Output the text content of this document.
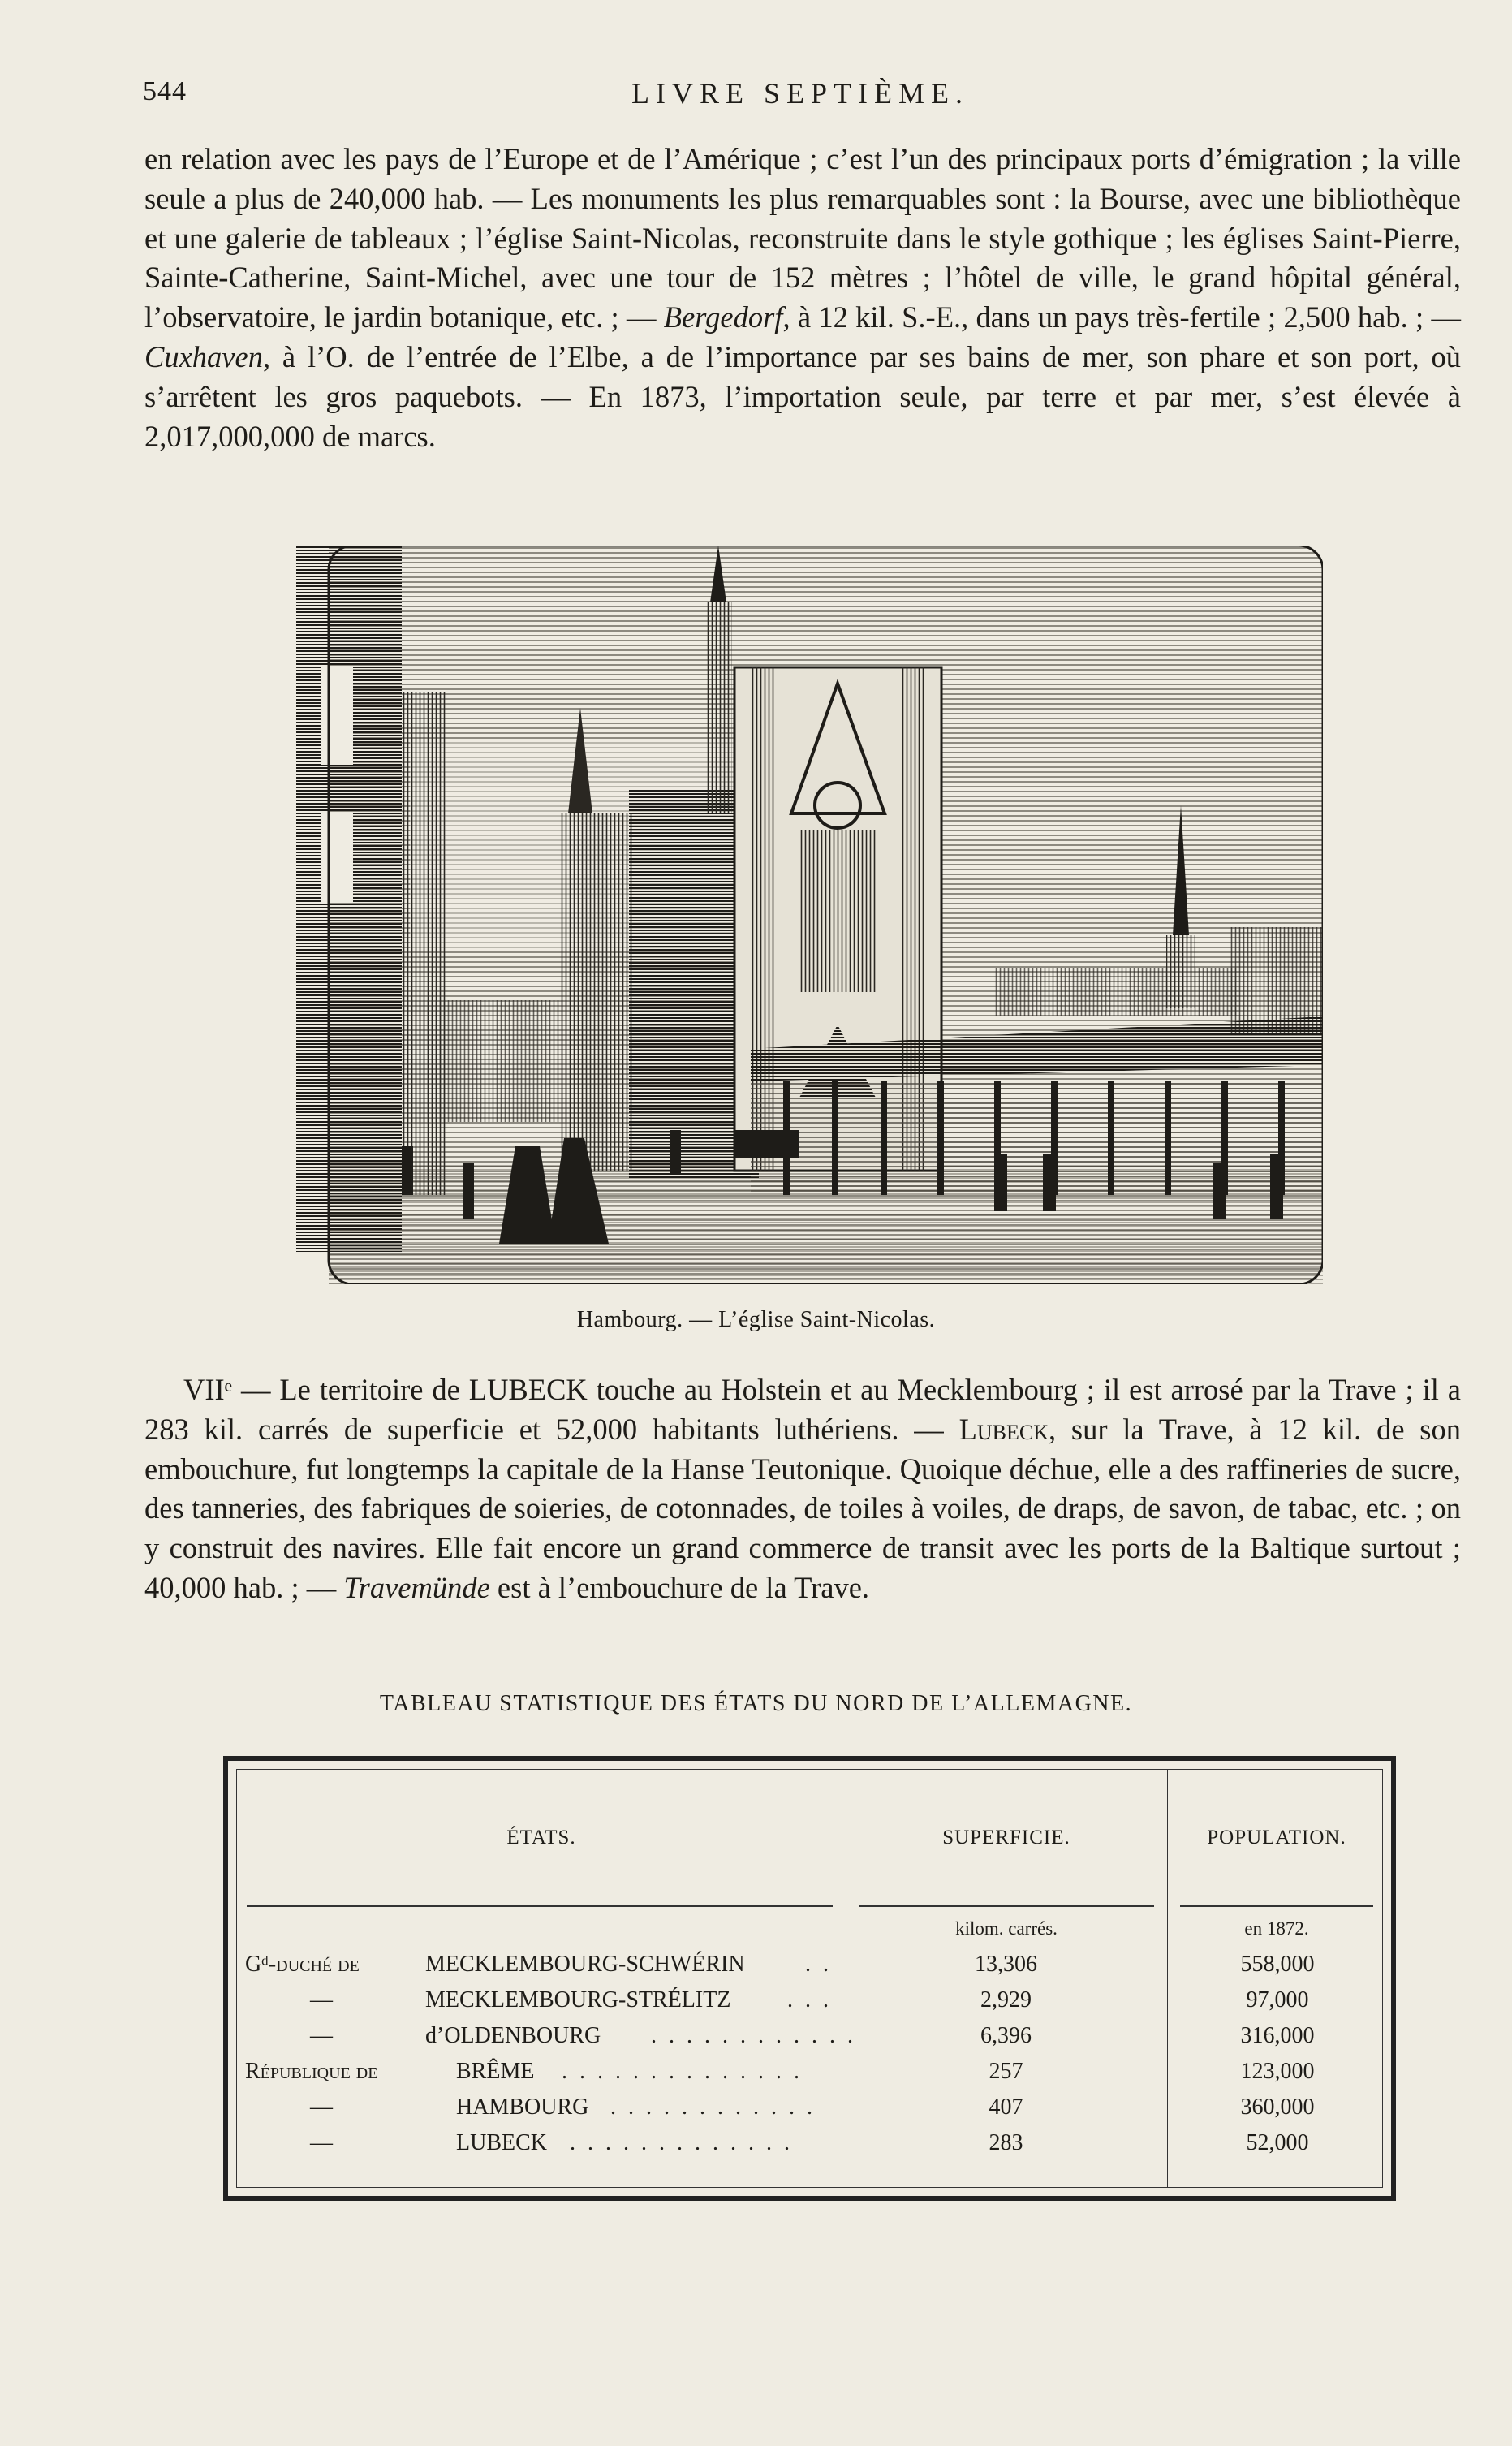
544	LIVRE SEPTIÈME.

en relation avec les pays de l’Europe et de l’Amérique ; c’est l’un des principaux ports d’émigration ; la ville seule a plus de 240,000 hab. — Les monuments les plus remarquables sont : la Bourse, avec une bibliothèque et une galerie de tableaux ; l’église Saint-Nicolas, reconstruite dans le style gothique ; les églises Saint-Pierre, Sainte-Catherine, Saint-Michel, avec une tour de 152 mètres ; l’hôtel de ville, le grand hôpital général, l’observatoire, le jardin botanique, etc. ; — Bergedorf, à 12 kil. S.-E., dans un pays très-fertile ; 2,500 hab. ; — Cuxhaven, à l’O. de l’entrée de l’Elbe, a de l’importance par ses bains de mer, son phare et son port, où s’arrêtent les gros paquebots. — En 1873, l’importation seule, par terre et par mer, s’est élevée à 2,017,000,000 de marcs.

Hambourg. — L’église Saint-Nicolas.

VIIᵉ — Le territoire de LUBECK touche au Holstein et au Mecklembourg ; il est arrosé par la Trave ; il a 283 kil. carrés de superficie et 52,000 habitants luthériens. — Lubeck, sur la Trave, à 12 kil. de son embouchure, fut longtemps la capitale de la Hanse Teutonique. Quoique déchue, elle a des raffineries de sucre, des tanneries, des fabriques de soieries, de cotonnades, de toiles à voiles, de draps, de savon, de tabac, etc. ; on y construit des navires. Elle fait encore un grand commerce de transit avec les ports de la Baltique surtout ; 40,000 hab. ; — Travemünde est à l’embouchure de la Trave.

TABLEAU STATISTIQUE DES ÉTATS DU NORD DE L’ALLEMAGNE.
ÉTATS.	SUPERFICIE.	POPULATION.
kilom. carrés.	en 1872.
Gᵈ-duché de	MECKLEMBOURG-SCHWÉRIN	. .	13,306	558,000
—	MECKLEMBOURG-STRÉLITZ . . .	2,929	97,000
—	d’OLDENBOURG . . . . . . . . . . . .	6,396	316,000
République de	BRÊME . . . . . . . . . . . . . .	257	123,000
—	HAMBOURG . . . . . . . . . . . .	407	360,000
—	LUBECK . . . . . . . . . . . . .	283	52,000
